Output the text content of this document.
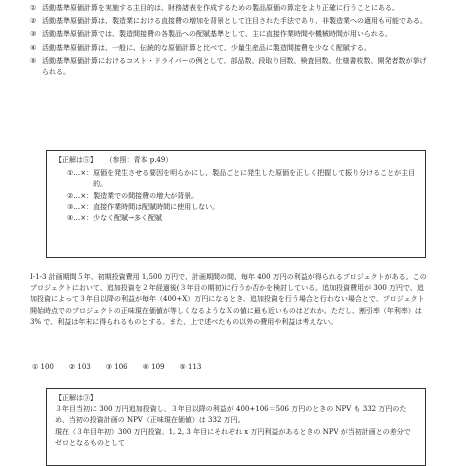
① 活動基準原価計算を実施する主目的は、財務諸表を作成するための製品原価の算定をより正確に行うことにある。
② 活動基準原価計算は、製造業における直接費の増加を背景として注目された手法であり、非製造業への適用も可能である。
③ 活動基準原価計算では、製造間接費の各製品への配賦基準として、主に直接作業時間や機械時間が用いられる。
④ 活動基準原価計算は、一般に、伝統的な原価計算と比べて、少量生産品に製造間接費を少なく配賦する。
⑤ 活動基準原価計算におけるコスト・ドライバーの例として、部品数、段取り回数、検査回数、仕様書枚数、開発者数が挙げられる。
【正解は⑤】 （参照：青本 p.49）
①…×： 原価を発生させる要因を明らかにし、製品ごとに発生した原価を正しく把握して振り分けることが主目的。
②…×： 製造業での間接費の増大が背景。
③…×： 直接作業時間は配賦時間に使用しない。
④…×： 少なく配賦→多く配賦

I-1-3 計画期間５年、初期投資費用 1,500 万円で、計画期間の間、毎年 400 万円の利益が得られるプロジェクトがある。このプロジェクトにおいて、追加投資を２年経過後(３年目の期初)に行うか否かを検討している。追加投資費用が 300 万円で、追加投資によって３年目以降の利益が毎年（400+X）万円になるとき、追加投資を行う場合と行わない場合とで、プロジェクト開始時点でのプロジェクトの正味現在価値が等しくなるようなＸの値に最も近いものはどれか。ただし、割引率（年利率）は 3% で、利益は年末に得られるものとする。また、上で述べたもの以外の費用や利益は考えない。

① 100 ② 103 ③ 106 ④ 109 ⑤ 113

【正解は③】

３年目当初に 300 万円追加投資し、３年目以降の利益が 400+106＝506 万円のときの NPV も 332 万円のため、当初の投資計画の NPV（正味現在価値）は 332 万円。

現在（３年目年初）300 万円投資、1, 2, 3 年目にそれぞれ x 万円利益があるときの NPV が当初計画との差分でゼロとなるものとして
